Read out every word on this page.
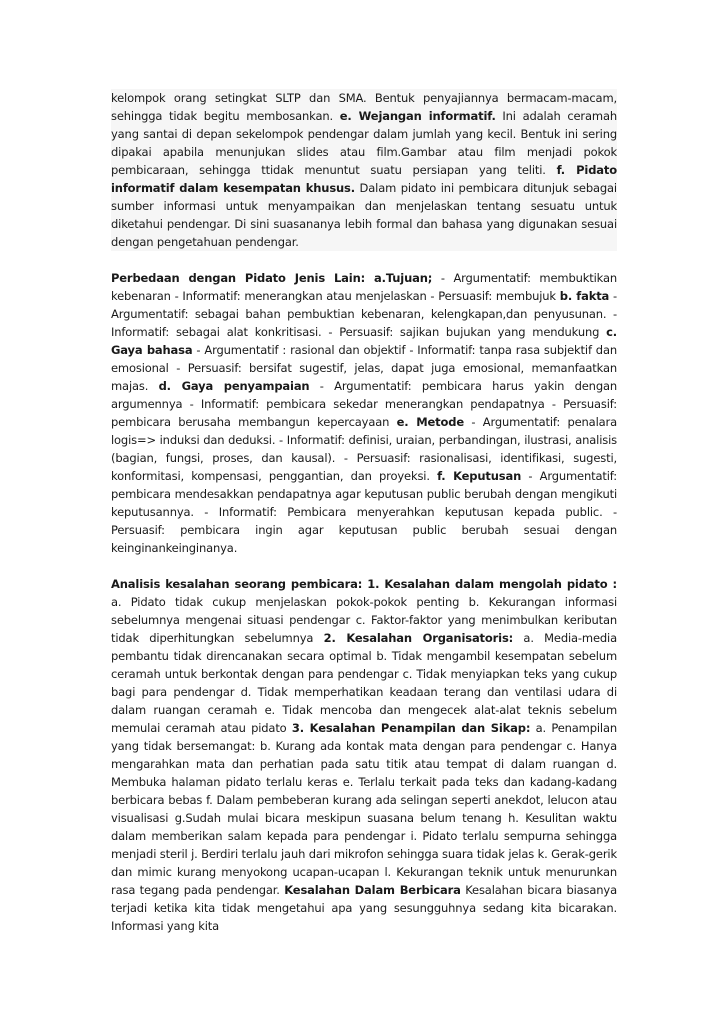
kelompok orang setingkat SLTP dan SMA. Bentuk penyajiannya bermacam-macam, sehingga tidak begitu membosankan. e. Wejangan informatif. Ini adalah ceramah yang santai di depan sekelompok pendengar dalam jumlah yang kecil. Bentuk ini sering dipakai apabila menunjukan slides atau film.Gambar atau film menjadi pokok pembicaraan, sehingga ttidak menuntut suatu persiapan yang teliti. f. Pidato informatif dalam kesempatan khusus. Dalam pidato ini pembicara ditunjuk sebagai sumber informasi untuk menyampaikan dan menjelaskan tentang sesuatu untuk diketahui pendengar. Di sini suasananya lebih formal dan bahasa yang digunakan sesuai dengan pengetahuan pendengar.

Perbedaan dengan Pidato Jenis Lain: a.Tujuan; - Argumentatif: membuktikan kebenaran - Informatif: menerangkan atau menjelaskan - Persuasif: membujuk b. fakta -Argumentatif: sebagai bahan pembuktian kebenaran, kelengkapan,dan penyusunan. - Informatif: sebagai alat konkritisasi. - Persuasif: sajikan bujukan yang mendukung c. Gaya bahasa - Argumentatif : rasional dan objektif - Informatif: tanpa rasa subjektif dan emosional - Persuasif: bersifat sugestif, jelas, dapat juga emosional, memanfaatkan majas. d. Gaya penyampaian - Argumentatif: pembicara harus yakin dengan argumennya - Informatif: pembicara sekedar menerangkan pendapatnya - Persuasif: pembicara berusaha membangun kepercayaan e. Metode - Argumentatif: penalara logis=> induksi dan deduksi. - Informatif: definisi, uraian, perbandingan, ilustrasi, analisis (bagian, fungsi, proses, dan kausal). - Persuasif: rasionalisasi, identifikasi, sugesti, konformitasi, kompensasi, penggantian, dan proyeksi. f. Keputusan - Argumentatif: pembicara mendesakkan pendapatnya agar keputusan public berubah dengan mengikuti keputusannya. - Informatif: Pembicara menyerahkan keputusan kepada public. - Persuasif: pembicara ingin agar keputusan public berubah sesuai dengan keinginankeinginanya.

Analisis kesalahan seorang pembicara: 1. Kesalahan dalam mengolah pidato : a. Pidato tidak cukup menjelaskan pokok-pokok penting b. Kekurangan informasi sebelumnya mengenai situasi pendengar c. Faktor-faktor yang menimbulkan keributan tidak diperhitungkan sebelumnya 2. Kesalahan Organisatoris: a. Media-media pembantu tidak direncanakan secara optimal b. Tidak mengambil kesempatan sebelum ceramah untuk berkontak dengan para pendengar c. Tidak menyiapkan teks yang cukup bagi para pendengar d. Tidak memperhatikan keadaan terang dan ventilasi udara di dalam ruangan ceramah e. Tidak mencoba dan mengecek alat-alat teknis sebelum memulai ceramah atau pidato 3. Kesalahan Penampilan dan Sikap: a. Penampilan yang tidak bersemangat: b. Kurang ada kontak mata dengan para pendengar c. Hanya mengarahkan mata dan perhatian pada satu titik atau tempat di dalam ruangan d. Membuka halaman pidato terlalu keras e. Terlalu terkait pada teks dan kadang-kadang berbicara bebas f. Dalam pembeberan kurang ada selingan seperti anekdot, lelucon atau visualisasi g.Sudah mulai bicara meskipun suasana belum tenang h. Kesulitan waktu dalam memberikan salam kepada para pendengar i. Pidato terlalu sempurna sehingga menjadi steril j. Berdiri terlalu jauh dari mikrofon sehingga suara tidak jelas k. Gerak-gerik dan mimic kurang menyokong ucapan-ucapan l. Kekurangan teknik untuk menurunkan rasa tegang pada pendengar. Kesalahan Dalam Berbicara Kesalahan bicara biasanya terjadi ketika kita tidak mengetahui apa yang sesungguhnya sedang kita bicarakan. Informasi yang kita
